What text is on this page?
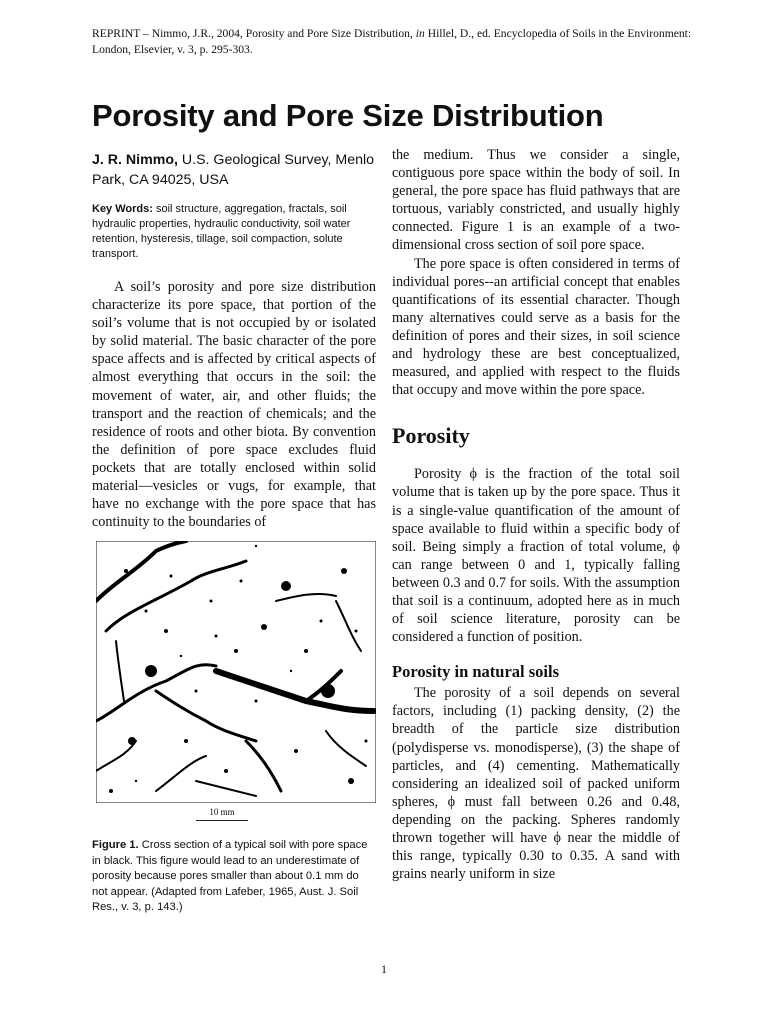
REPRINT – Nimmo, J.R., 2004, Porosity and Pore Size Distribution, in Hillel, D., ed. Encyclopedia of Soils in the Environment: London, Elsevier, v. 3, p. 295-303.
Porosity and Pore Size Distribution

J. R. Nimmo, U.S. Geological Survey, Menlo Park, CA 94025, USA

Key Words: soil structure, aggregation, fractals, soil hydraulic properties, hydraulic conductivity, soil water retention, hysteresis, tillage, soil compaction, solute transport.

A soil’s porosity and pore size distribution characterize its pore space, that portion of the soil’s volume that is not occupied by or isolated by solid material. The basic character of the pore space affects and is affected by critical aspects of almost everything that occurs in the soil: the movement of water, air, and other fluids; the transport and the reaction of chemicals; and the residence of roots and other biota. By convention the definition of pore space excludes fluid pockets that are totally enclosed within solid material—vesicles or vugs, for example, that have no exchange with the pore space that has continuity to the boundaries of

10 mm
Figure 1. Cross section of a typical soil with pore space in black. This figure would lead to an underestimate of porosity because pores smaller than about 0.1 mm do not appear. (Adapted from Lafeber, 1965, Aust. J. Soil Res., v. 3, p. 143.)

the medium. Thus we consider a single, contiguous pore space within the body of soil. In general, the pore space has fluid pathways that are tortuous, variably constricted, and usually highly connected. Figure 1 is an example of a two-dimensional cross section of soil pore space.

The pore space is often considered in terms of individual pores--an artificial concept that enables quantifications of its essential character. Though many alternatives could serve as a basis for the definition of pores and their sizes, in soil science and hydrology these are best conceptualized, measured, and applied with respect to the fluids that occupy and move within the pore space.

Porosity

Porosity ϕ is the fraction of the total soil volume that is taken up by the pore space. Thus it is a single-value quantification of the amount of space available to fluid within a specific body of soil. Being simply a fraction of total volume, ϕ can range between 0 and 1, typically falling between 0.3 and 0.7 for soils. With the assumption that soil is a continuum, adopted here as in much of soil science literature, porosity can be considered a function of position.

Porosity in natural soils

The porosity of a soil depends on several factors, including (1) packing density, (2) the breadth of the particle size distribution (polydisperse vs. monodisperse), (3) the shape of particles, and (4) cementing. Mathematically considering an idealized soil of packed uniform spheres, ϕ must fall between 0.26 and 0.48, depending on the packing. Spheres randomly thrown together will have ϕ near the middle of this range, typically 0.30 to 0.35. A sand with grains nearly uniform in size

1
